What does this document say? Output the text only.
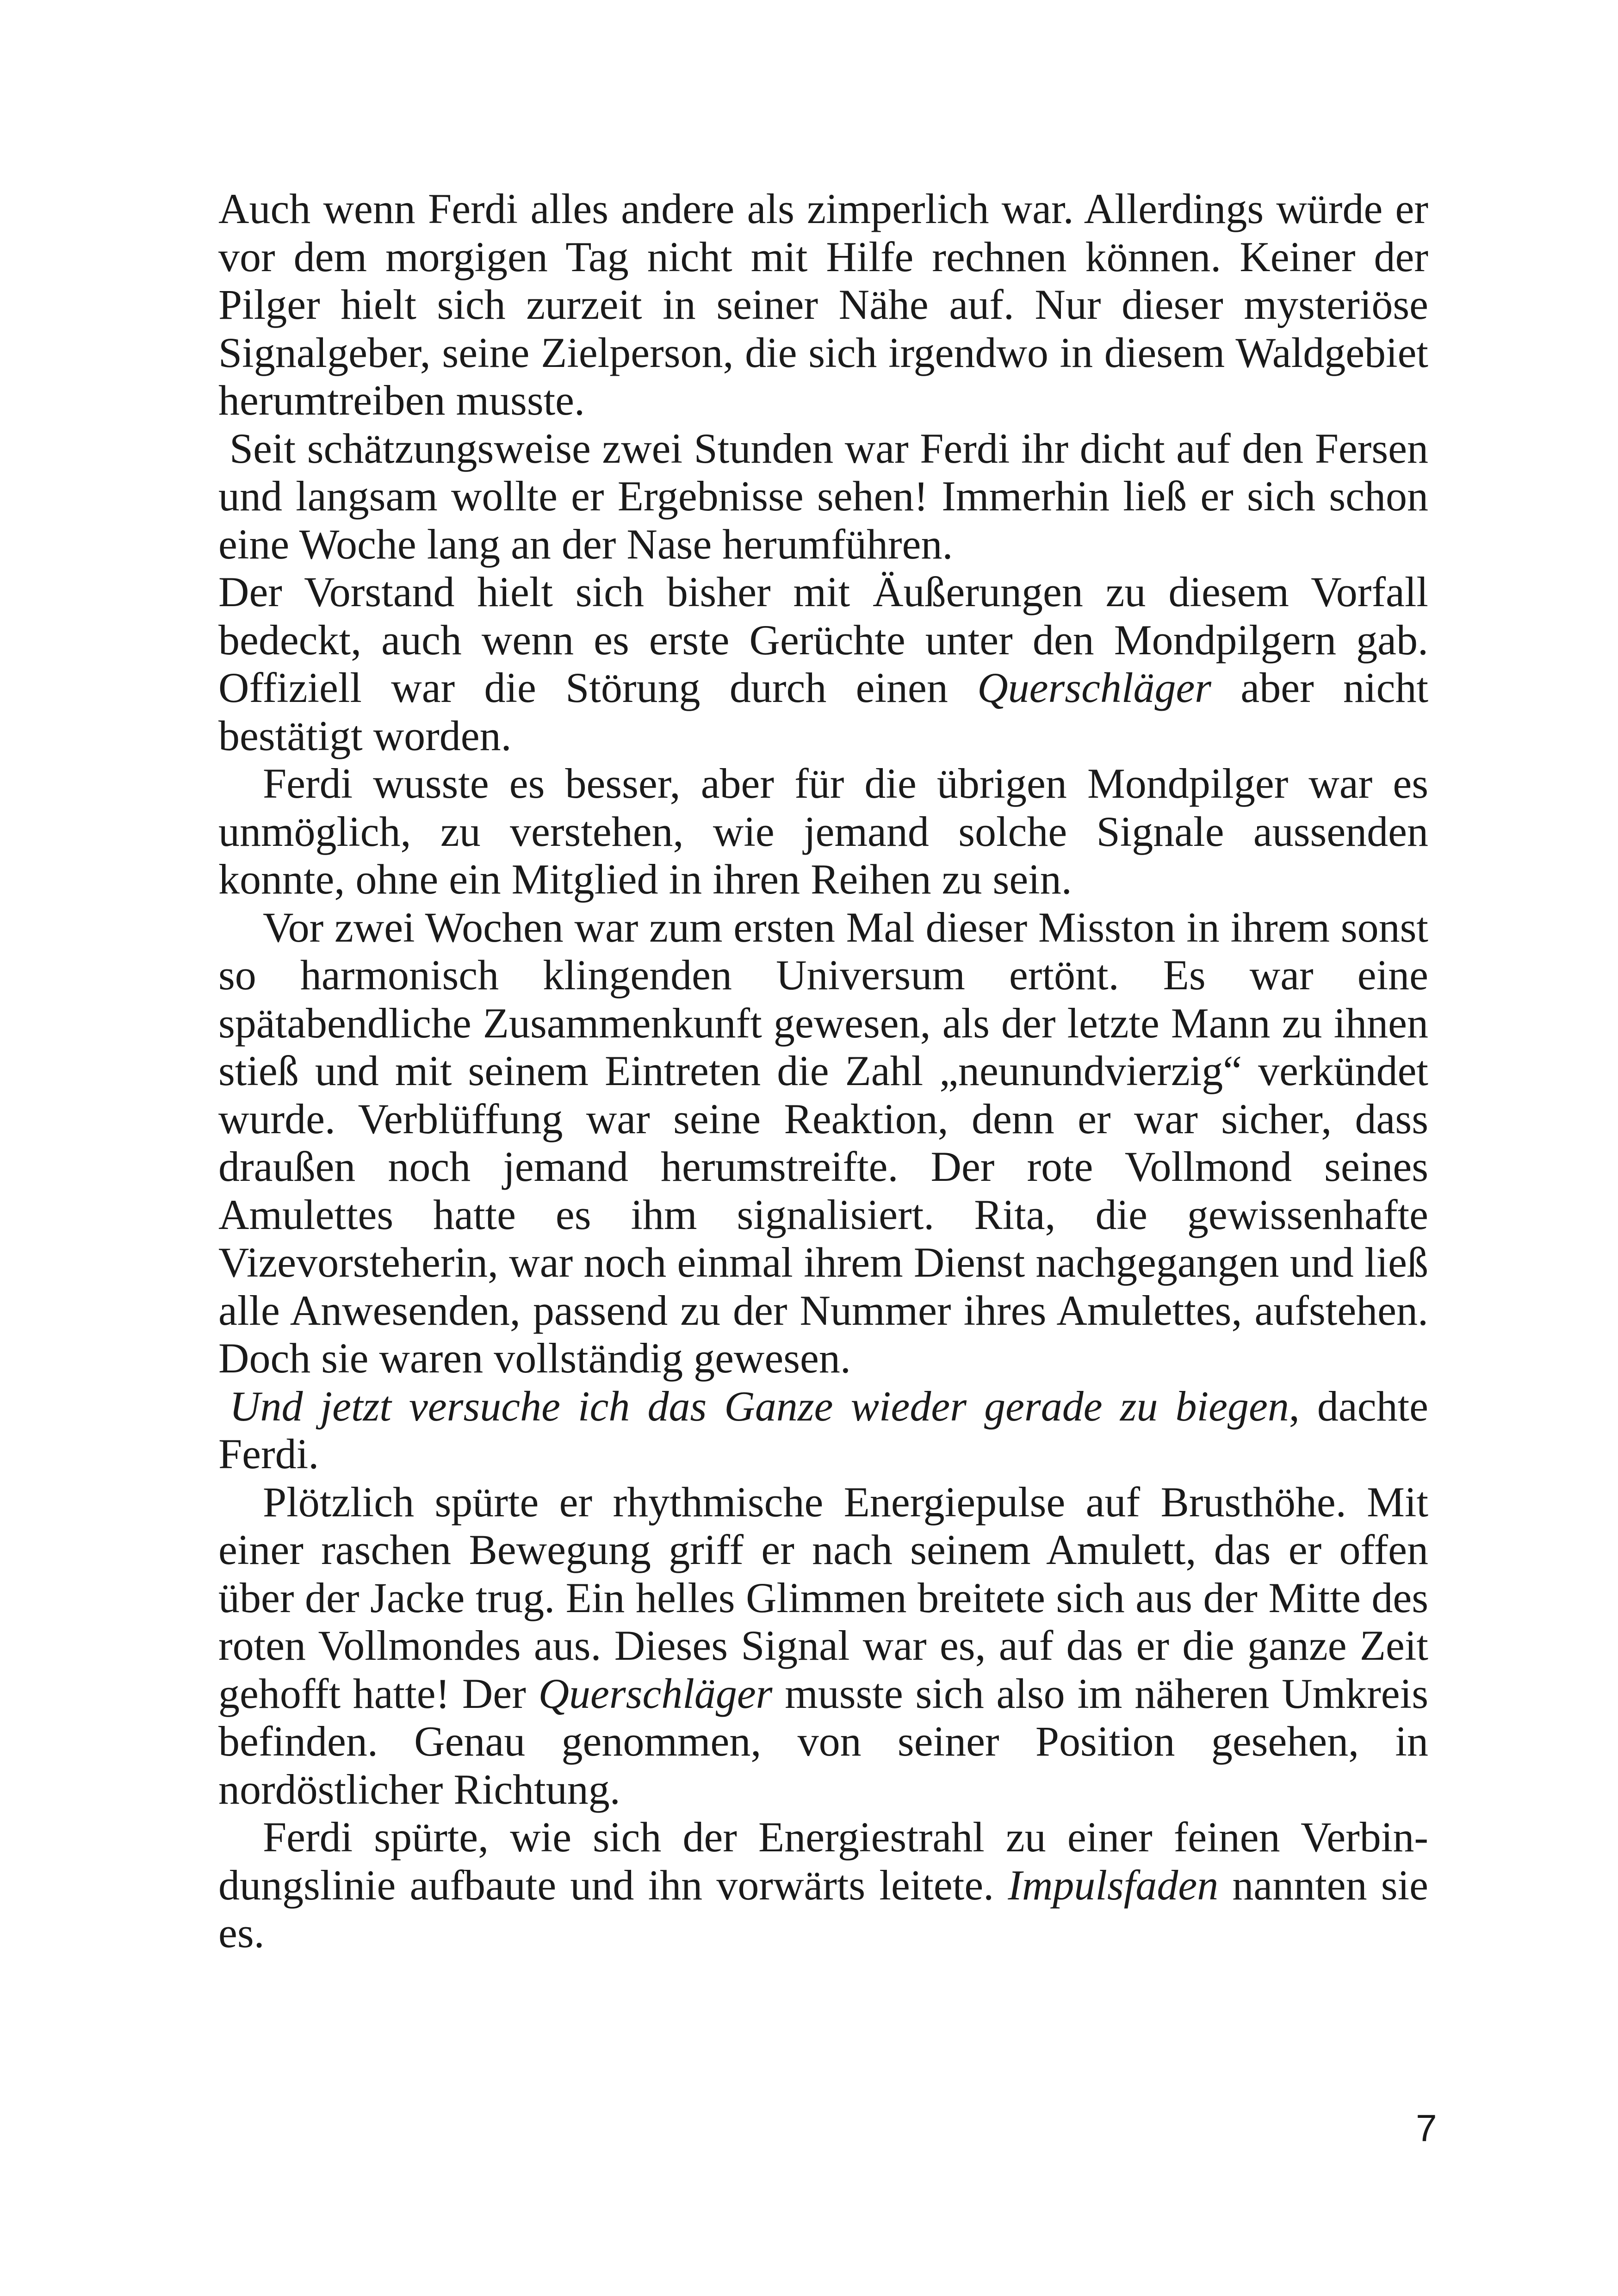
Auch wenn Ferdi alles andere als zimperlich war. Allerdings würde er vor dem morgigen Tag nicht mit Hilfe rechnen können. Keiner der Pilger hielt sich zurzeit in seiner Nähe auf. Nur dieser mysteriöse Signalgeber, seine Zielperson, die sich irgendwo in diesem Waldgebiet herumtreiben musste.

Seit schätzungsweise zwei Stunden war Ferdi ihr dicht auf den Fersen und langsam wollte er Ergebnisse sehen! Immerhin ließ er sich schon eine Woche lang an der Nase herumführen.

Der Vorstand hielt sich bisher mit Äußerungen zu diesem Vorfall bedeckt, auch wenn es erste Gerüchte unter den Mondpilgern gab. Offiziell war die Störung durch einen Querschläger aber nicht bestätigt worden.

Ferdi wusste es besser, aber für die übrigen Mondpilger war es unmöglich, zu verstehen, wie jemand solche Signale aussenden konnte, ohne ein Mitglied in ihren Reihen zu sein.

Vor zwei Wochen war zum ersten Mal dieser Misston in ihrem sonst so harmonisch klingenden Universum ertönt. Es war eine spätabendliche Zusammenkunft gewesen, als der letzte Mann zu ihnen stieß und mit seinem Eintreten die Zahl „neunundvierzig“ verkündet wurde. Verblüffung war seine Reaktion, denn er war sicher, dass draußen noch jemand herumstreifte. Der rote Vollmond seines Amulettes hatte es ihm signalisiert. Rita, die gewissenhafte Vizevorsteherin, war noch einmal ihrem Dienst nachgegangen und ließ alle Anwesenden, passend zu der Nummer ihres Amulettes, aufstehen. Doch sie waren vollständig gewesen.

Und jetzt versuche ich das Ganze wieder gerade zu biegen, dachte Ferdi.

Plötzlich spürte er rhythmische Energiepulse auf Brusthöhe. Mit einer raschen Bewegung griff er nach seinem Amulett, das er offen über der Jacke trug. Ein helles Glimmen breitete sich aus der Mitte des roten Vollmondes aus. Dieses Signal war es, auf das er die ganze Zeit gehofft hatte! Der Querschläger musste sich also im näheren Umkreis befinden. Genau genommen, von seiner Position gesehen, in nordöstlicher Richtung.

Ferdi spürte, wie sich der Energiestrahl zu einer feinen Verbindungslinie aufbaute und ihn vorwärts leitete. Impulsfaden nannten sie es.

7
